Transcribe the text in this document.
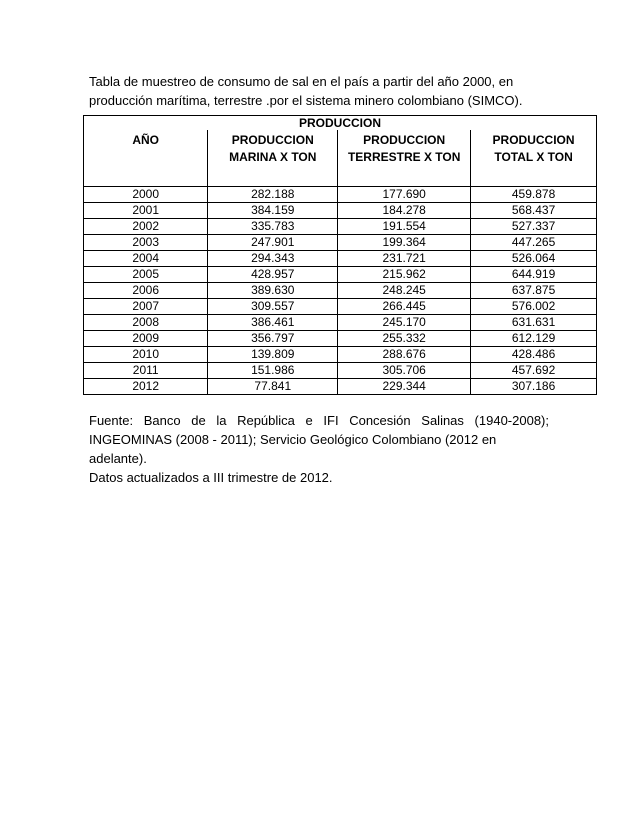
Tabla de muestreo de consumo de sal en el país a partir del año 2000, en
producción marítima, terrestre .por el sistema minero colombiano (SIMCO).

PRODUCCION			
AÑO	PRODUCCION MARINA X TON	PRODUCCION TERRESTRE X TON	PRODUCCION TOTAL X TON
2000	282.188	177.690	459.878
2001	384.159	184.278	568.437
2002	335.783	191.554	527.337
2003	247.901	199.364	447.265
2004	294.343	231.721	526.064
2005	428.957	215.962	644.919
2006	389.630	248.245	637.875
2007	309.557	266.445	576.002
2008	386.461	245.170	631.631
2009	356.797	255.332	612.129
2010	139.809	288.676	428.486
2011	151.986	305.706	457.692
2012	77.841	229.344	307.186

Fuente: Banco de la República e IFI Concesión Salinas (1940-2008);
INGEOMINAS (2008 - 2011); Servicio Geológico Colombiano (2012 en adelante).
Datos actualizados a III trimestre de 2012.
